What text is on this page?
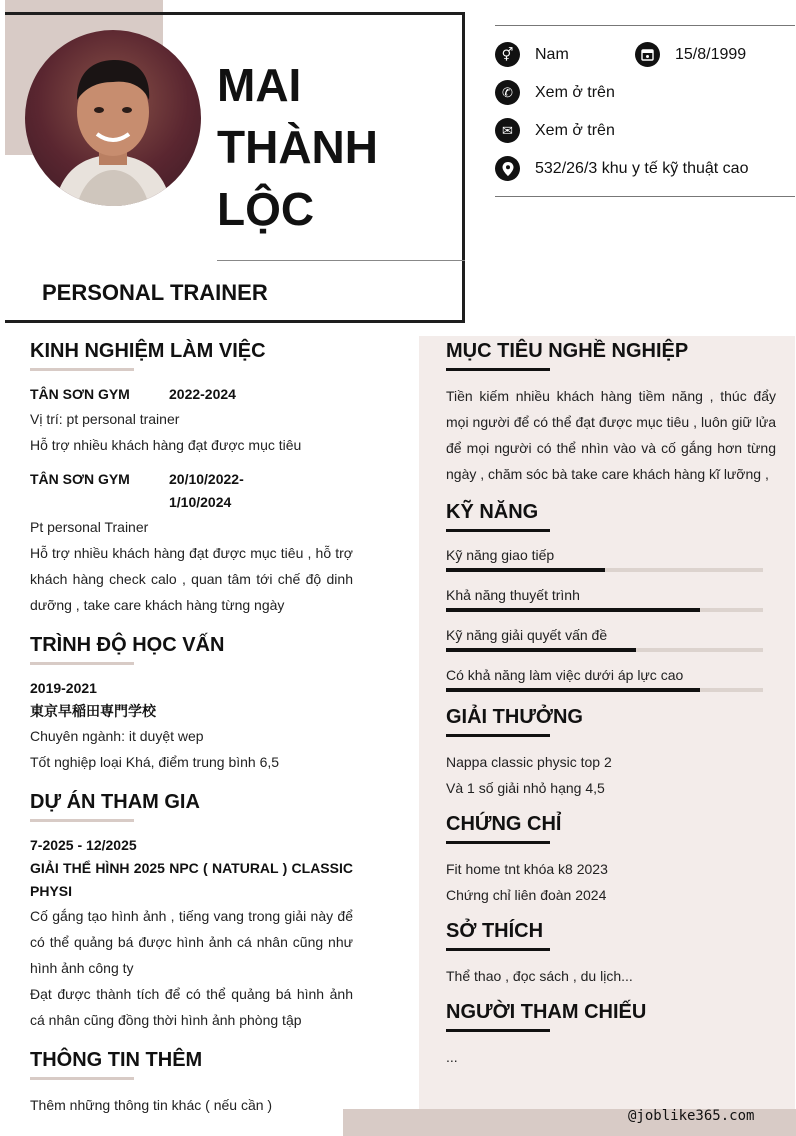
MAI
THÀNH
LỘC
PERSONAL TRAINER
⚥	Nam	15/8/1999
✆	Xem ở trên
✉	Xem ở trên
532/26/3 khu y tế kỹ thuật cao
@joblike365.com
KINH NGHIỆM LÀM VIỆC
TÂN SƠN GYM	2022-2024

Vị trí: pt personal trainer

Hỗ trợ nhiều khách hàng đạt được mục tiêu

TÂN SƠN GYM	20/10/2022-
1/10/2024

Pt personal Trainer

Hỗ trợ nhiều khách hàng đạt được mục tiêu , hỗ trợ khách hàng check calo , quan tâm tới chế độ dinh dưỡng , take care khách hàng từng ngày

TRÌNH ĐỘ HỌC VẤN
2019-2021
東京早稲田専門学校

Chuyên ngành: it duyệt wep

Tốt nghiệp loại Khá, điểm trung bình 6,5

DỰ ÁN THAM GIA
7-2025 - 12/2025
GIẢI THỂ HÌNH 2025 NPC ( NATURAL ) CLASSIC PHYSI

Cố gắng tạo hình ảnh , tiếng vang trong giải này để có thể quảng bá được hình ảnh cá nhân cũng như hình ảnh công ty

Đạt được thành tích để có thể quảng bá hình ảnh cá nhân cũng đồng thời hình ảnh phòng tập

THÔNG TIN THÊM

Thêm những thông tin khác ( nếu cần )

MỤC TIÊU NGHỀ NGHIỆP

Tiền kiếm nhiều khách hàng tiềm năng , thúc đẩy mọi người để có thể đạt được mục tiêu , luôn giữ lửa để mọi người có thể nhìn vào và cố gắng hơn từng ngày , chăm sóc bà take care khách hàng kĩ lưỡng ,

KỸ NĂNG
Kỹ năng giao tiếp
Khả năng thuyết trình
Kỹ năng giải quyết vấn đề
Có khả năng làm việc dưới áp lực cao
GIẢI THƯỞNG

Nappa classic physic top 2

Và 1 số giải nhỏ hạng 4,5

CHỨNG CHỈ

Fit home tnt khóa k8 2023

Chứng chỉ liên đoàn 2024

SỞ THÍCH

Thể thao , đọc sách , du lịch...

NGƯỜI THAM CHIẾU

...
